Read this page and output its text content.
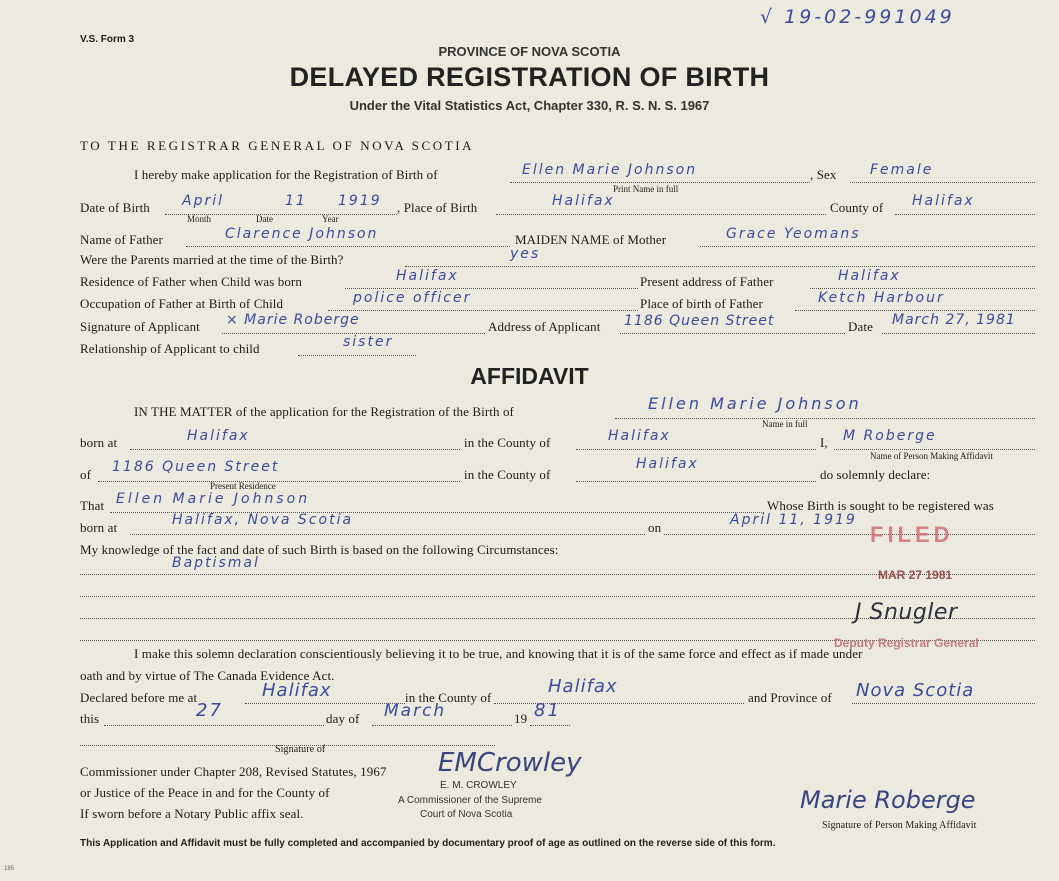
V.S. Form 3
√ 19-02-991049
PROVINCE OF NOVA SCOTIA
DELAYED REGISTRATION OF BIRTH
Under the Vital Statistics Act, Chapter 330, R. S. N. S. 1967
TO THE REGISTRAR GENERAL OF NOVA SCOTIA
I hereby make application for the Registration of Birth of	Ellen Marie Johnson
Print Name in full
, Sex Female
Date of Birth April	11 1919
Month	Date	Year
, Place of Birth	Halifax	County of Halifax
Name of Father	Clarence Johnson	MAIDEN NAME of Mother	Grace Yeomans
Were the Parents married at the time of the Birth?	yes
Residence of Father when Child was born	Halifax	Present address of Father	Halifax
Occupation of Father at Birth of Child	police officer	Place of birth of Father	Ketch Harbour
Signature of Applicant × Marie Roberge	Address of Applicant 1186 Queen Street	Date March 27, 1981
Relationship of Applicant to child	sister
AFFIDAVIT
IN THE MATTER of the application for the Registration of the Birth of	Ellen Marie Johnson
Name in full
born at	Halifax	in the County of	Halifax	I, M Roberge
Name of Person Making Affidavit
of 1186 Queen Street
Present Residence
in the County of
Halifax
do solemnly declare:
That Ellen Marie Johnson	Whose Birth is sought to be registered was
born at	Halifax, Nova Scotia	on	April 11, 1919
My knowledge of the fact and date of such Birth is based on the following Circumstances:
Baptismal
FILED
MAR 27 1981
J Snugler
Deputy Registrar General
I make this solemn declaration conscientiously believing it to be true, and knowing that it is of the same force and effect as if made under
oath and by virtue of The Canada Evidence Act.
Declared before me at	Halifax	in the County of
Halifax
and Province of Nova Scotia
this	27	day of March	19 81
Signature of
Commissioner under Chapter 208, Revised Statutes, 1967
or Justice of the Peace in and for the County of
If sworn before a Notary Public affix seal.
EMCrowley
E. M. CROWLEY
A Commissioner of the Supreme
Court of Nova Scotia
Marie Roberge
Signature of Person Making Affidavit
This Application and Affidavit must be fully completed and accompanied by documentary proof of age as outlined on the reverse side of this form.
185
